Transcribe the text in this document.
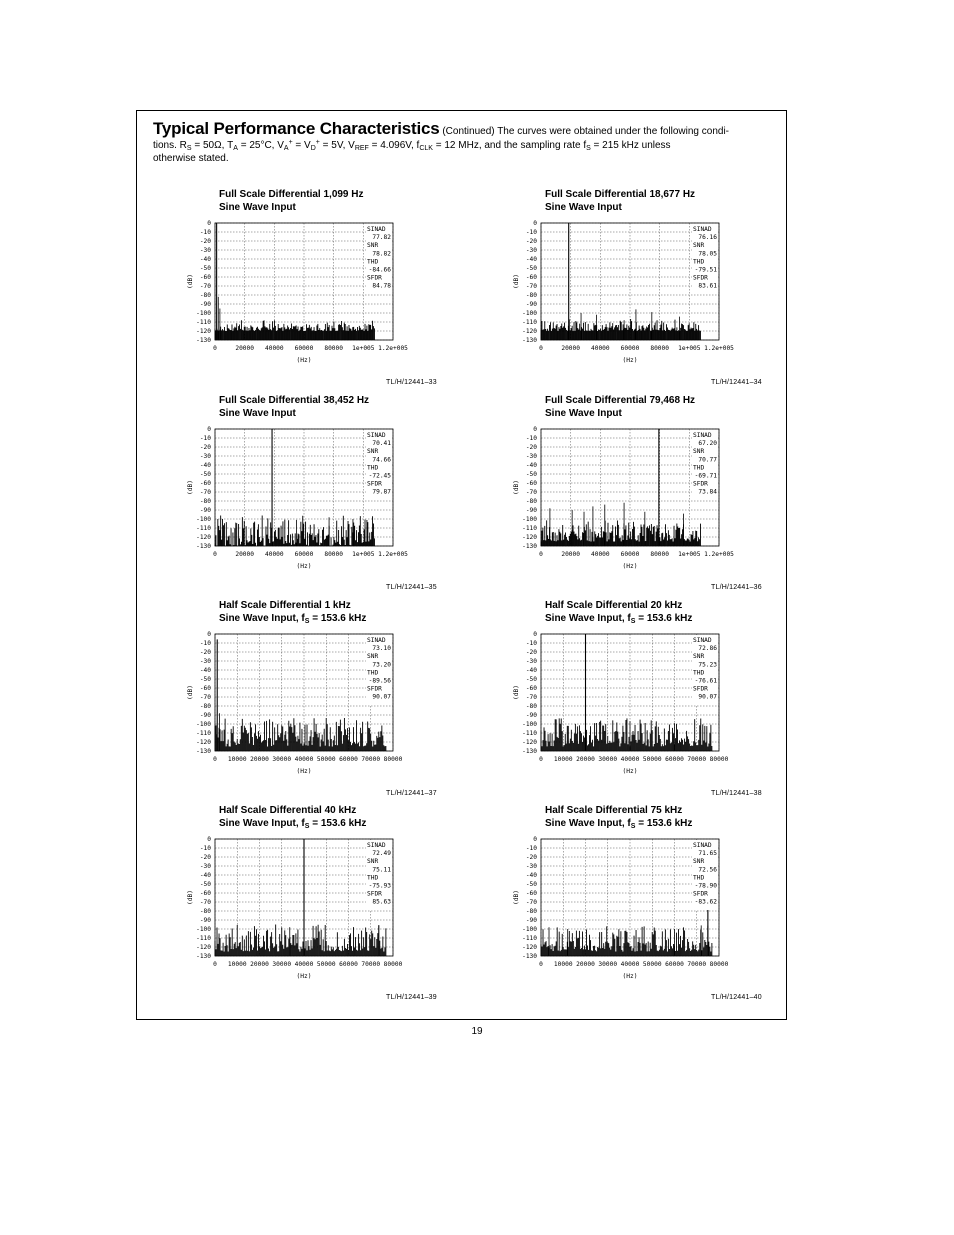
Typical Performance Characteristics (Continued) The curves were obtained under the following condi-
tions. $R_S = 50\Omega$, $T_A = 25^\circ C$, $V_A^+ = V_D^+ = 5V$, $V_{REF} = 4.096V$, $f_{CLK} = 12$ MHz, and the sampling rate $f_S = 215$ kHz unless
otherwise stated.
Full Scale Differential 1,099 Hz
Sine Wave Input
0
-10
-20
-30
-40
-50
-60
-70
-80
-90
-100
-110
-120
-130
0	20000 40000 60000 80000 1e+005 1.2e+005
(Hz)
(dB)
SINAD
77.82
SNR
78.82
THD
-84.66
SFDR
84.78
TL/H/12441–33
Full Scale Differential 18,677 Hz
Sine Wave Input
0
-10
-20
-30
-40
-50
-60
-70
-80
-90
-100
-110
-120
-130
0	20000 40000 60000 80000 1e+005 1.2e+005
(Hz)
(dB)
SINAD
76.16
SNR
78.05
THD
-79.51
SFDR
83.61
TL/H/12441–34
Full Scale Differential 38,452 Hz
Sine Wave Input
0
-10
-20
-30
-40
-50
-60
-70
-80
-90
-100
-110
-120
-130
0	20000 40000 60000 80000 1e+005 1.2e+005
(Hz)
(dB)
SINAD
70.41
SNR
74.66
THD
-72.45
SFDR
79.87
TL/H/12441–35
Full Scale Differential 79,468 Hz
Sine Wave Input
0
-10
-20
-30
-40
-50
-60
-70
-80
-90
-100
-110
-120
-130
0	20000 40000 60000 80000 1e+005 1.2e+005
(Hz)
(dB)
SINAD
67.20
SNR
70.77
THD
-69.71
SFDR
73.84
TL/H/12441–36
Half Scale Differential 1 kHz
Sine Wave Input, $f_S = 153.6$ kHz
0
-10
-20
-30
-40
-50
-60
-70
-80
-90
-100
-110
-120
-130
0 10000 20000 30000 40000 50000 60000 70000 80000
(Hz)
(dB)
SINAD
73.10
SNR
73.20
THD
-89.56
SFDR
90.07
TL/H/12441–37
Half Scale Differential 20 kHz
Sine Wave Input, $f_S = 153.6$ kHz
0
-10
-20
-30
-40
-50
-60
-70
-80
-90
-100
-110
-120
-130
0 10000 20000 30000 40000 50000 60000 70000 80000
(Hz)
(dB)
SINAD
72.86
SNR
75.23
THD
-76.61
SFDR
90.07
TL/H/12441–38
Half Scale Differential 40 kHz
Sine Wave Input, $f_S = 153.6$ kHz
0
-10
-20
-30
-40
-50
-60
-70
-80
-90
-100
-110
-120
-130
0 10000 20000 30000 40000 50000 60000 70000 80000
(Hz)
(dB)
SINAD
72.49
SNR
75.11
THD
-75.93
SFDR
85.63
TL/H/12441–39
Half Scale Differential 75 kHz
Sine Wave Input, $f_S = 153.6$ kHz
0
-10
-20
-30
-40
-50
-60
-70
-80
-90
-100
-110
-120
-130
0 10000 20000 30000 40000 50000 60000 70000 80000
(Hz)
(dB)
SINAD
71.65
SNR
72.56
THD
-78.90
SFDR
-83.62
TL/H/12441–40
19
